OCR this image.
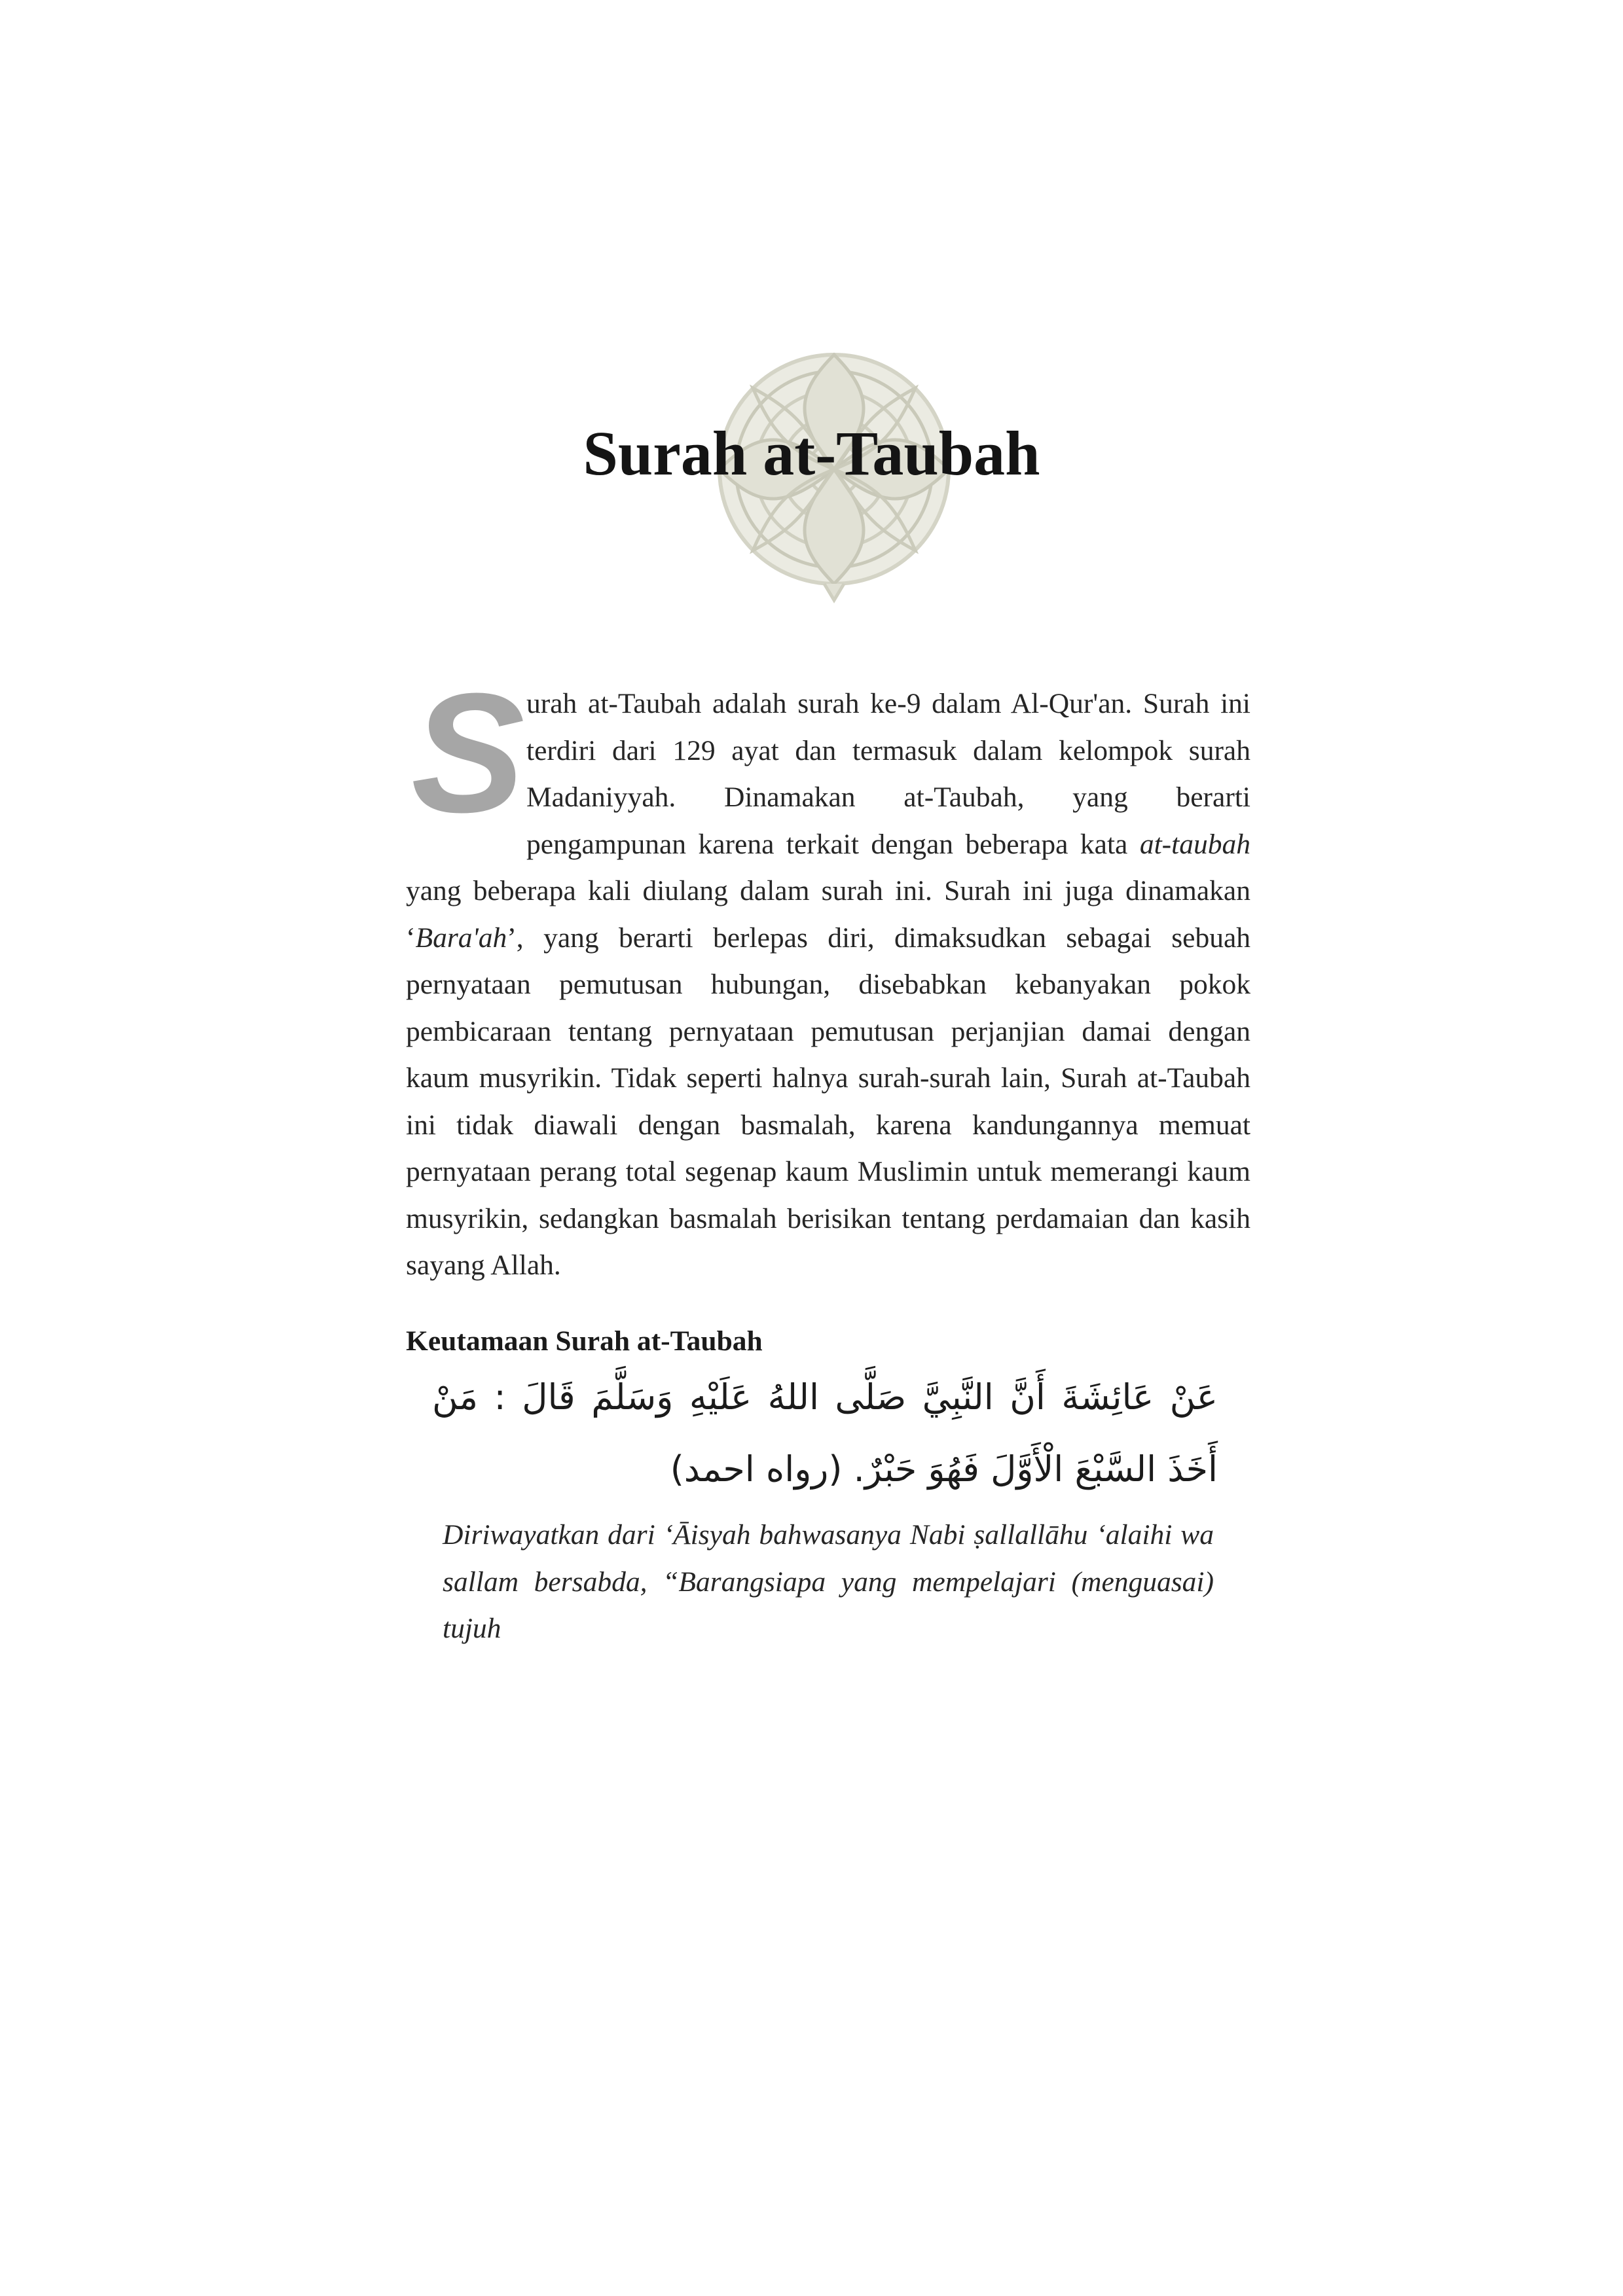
Surah at-Taubah

S urah at-Taubah adalah surah ke-9 dalam Al-Qur'an. Surah ini terdiri dari 129 ayat dan termasuk dalam kelompok surah Madaniyyah. Dinamakan at-Taubah, yang berarti pengampunan karena terkait dengan beberapa kata at-taubah yang beberapa kali diulang dalam surah ini. Surah ini juga dinamakan ‘Bara'ah’, yang berarti berlepas diri, dimaksudkan sebagai sebuah pernyataan pemutusan hubungan, disebabkan kebanyakan pokok pembicaraan tentang pernyataan pemutusan perjanjian damai dengan kaum musyrikin. Tidak seperti halnya surah-surah lain, Surah at-Taubah ini tidak diawali dengan basmalah, karena kandungannya memuat pernyataan perang total segenap kaum Muslimin untuk memerangi kaum musyrikin, sedangkan basmalah berisikan tentang perdamaian dan kasih sayang Allah.

Keutamaan Surah at-Taubah

عَنْ عَائِشَةَ أَنَّ النَّبِيَّ صَلَّى اللهُ عَلَيْهِ وَسَلَّمَ قَالَ : مَنْ أَخَذَ السَّبْعَ الْأَوَّلَ فَهُوَ حَبْرٌ. (رواه احمد)

Diriwayatkan dari ‘Āisyah bahwasanya Nabi ṣallallāhu ‘alaihi wa sallam bersabda, “Barangsiapa yang mempelajari (menguasai) tujuh
